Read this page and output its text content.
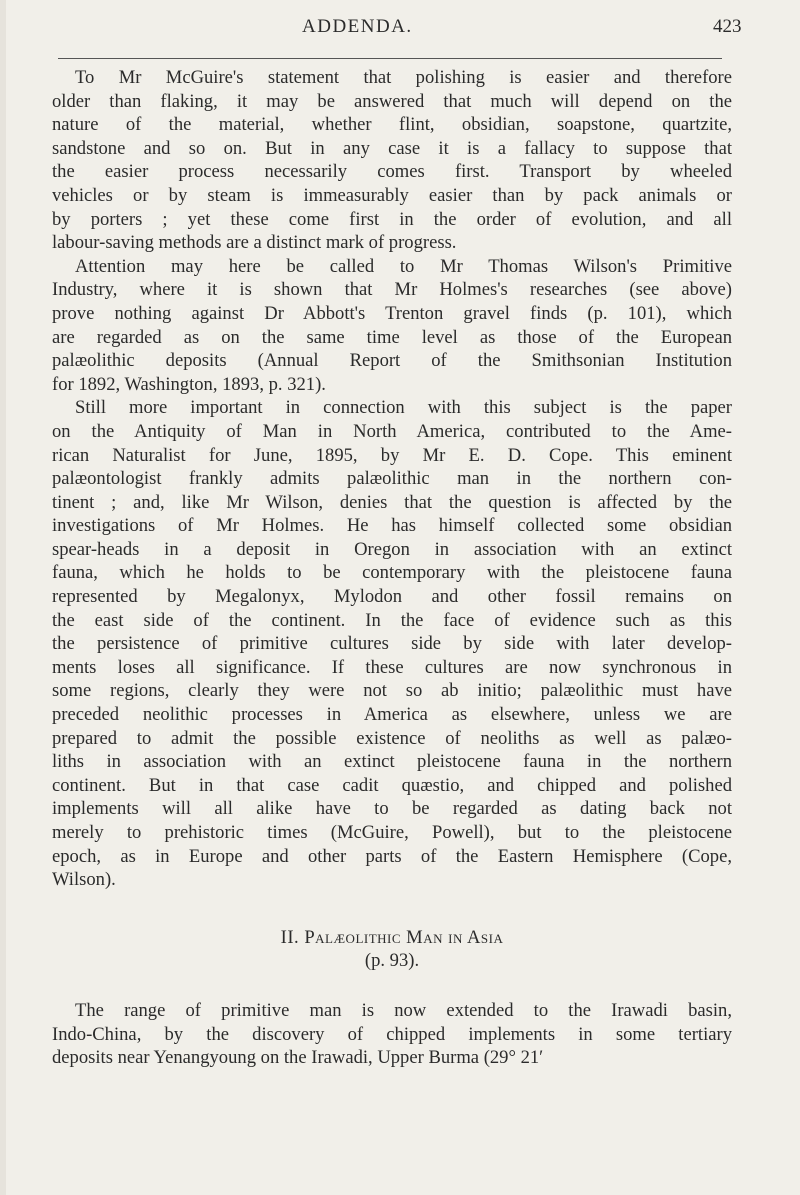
ADDENDA.	423
To Mr McGuire's statement that polishing is easier and therefore
older than flaking, it may be answered that much will depend on the
nature of the material, whether flint, obsidian, soapstone, quartzite,
sandstone and so on. But in any case it is a fallacy to suppose that
the easier process necessarily comes first. Transport by wheeled
vehicles or by steam is immeasurably easier than by pack animals or
by porters ; yet these come first in the order of evolution, and all
labour-saving methods are a distinct mark of progress.
Attention may here be called to Mr Thomas Wilson's Primitive
Industry, where it is shown that Mr Holmes's researches (see above)
prove nothing against Dr Abbott's Trenton gravel finds (p. 101), which
are regarded as on the same time level as those of the European
palæolithic deposits (Annual Report of the Smithsonian Institution
for 1892, Washington, 1893, p. 321).
Still more important in connection with this subject is the paper
on the Antiquity of Man in North America, contributed to the Ame-
rican Naturalist for June, 1895, by Mr E. D. Cope. This eminent
palæontologist frankly admits palæolithic man in the northern con-
tinent ; and, like Mr Wilson, denies that the question is affected by the
investigations of Mr Holmes. He has himself collected some obsidian
spear-heads in a deposit in Oregon in association with an extinct
fauna, which he holds to be contemporary with the pleistocene fauna
represented by Megalonyx, Mylodon and other fossil remains on
the east side of the continent. In the face of evidence such as this
the persistence of primitive cultures side by side with later develop-
ments loses all significance. If these cultures are now synchronous in
some regions, clearly they were not so ab initio; palæolithic must have
preceded neolithic processes in America as elsewhere, unless we are
prepared to admit the possible existence of neoliths as well as palæo-
liths in association with an extinct pleistocene fauna in the northern
continent. But in that case cadit quæstio, and chipped and polished
implements will all alike have to be regarded as dating back not
merely to prehistoric times (McGuire, Powell), but to the pleistocene
epoch, as in Europe and other parts of the Eastern Hemisphere (Cope,
Wilson).
II. Palæolithic Man in Asia
(p. 93).
The range of primitive man is now extended to the Irawadi basin,
Indo-China, by the discovery of chipped implements in some tertiary
deposits near Yenangyoung on the Irawadi, Upper Burma (29° 21′
